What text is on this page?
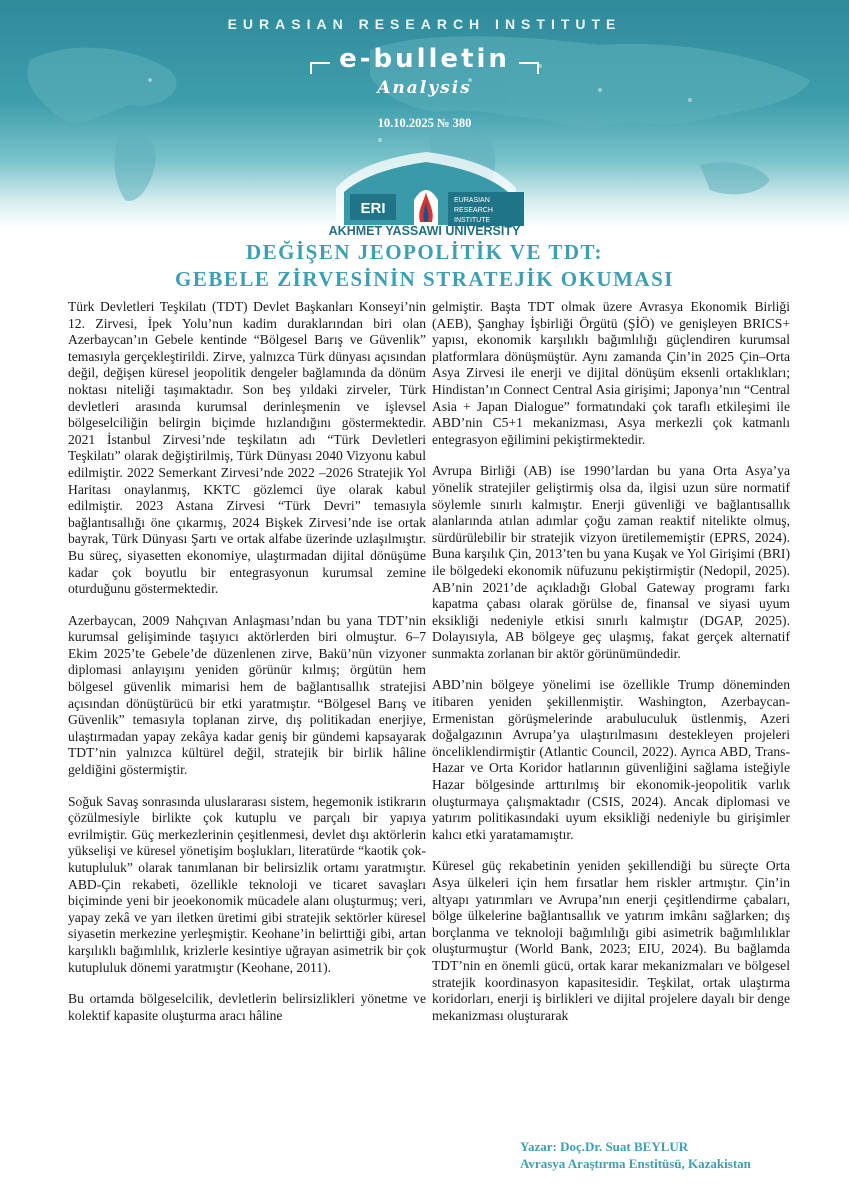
EURASIAN RESEARCH INSTITUTE
e-bulletin
Analysis
10.10.2025 № 380
ERI	EURASIAN
RESEARCH
INSTITUTE
AKHMET YASSAWI UNIVERSITY
DEĞİŞEN JEOPOLİTİK VE TDT:
GEBELE ZİRVESİNİN STRATEJİK OKUMASI

Türk Devletleri Teşkilatı (TDT) Devlet Başkanları Konseyi’nin 12. Zirvesi, İpek Yolu’nun kadim duraklarından biri olan Azerbaycan’ın Gebele kentinde “Bölgesel Barış ve Güvenlik” temasıyla gerçekleştirildi. Zirve, yalnızca Türk dünyası açısından değil, değişen küresel jeopolitik dengeler bağlamında da dönüm noktası niteliği taşımaktadır. Son beş yıldaki zirveler, Türk devletleri arasında kurumsal derinleşmenin ve işlevsel bölgeselciliğin belirgin biçimde hızlandığını göstermektedir. 2021 İstanbul Zirvesi’nde teşkilatın adı “Türk Devletleri Teşkilatı” olarak değiştirilmiş, Türk Dünyası 2040 Vizyonu kabul edilmiştir. 2022 Semerkant Zirvesi’nde 2022 –2026 Stratejik Yol Haritası onaylanmış, KKTC gözlemci üye olarak kabul edilmiştir. 2023 Astana Zirvesi “Türk Devri” temasıyla bağlantısallığı öne çıkarmış, 2024 Bişkek Zirvesi’nde ise ortak bayrak, Türk Dünyası Şartı ve ortak alfabe üzerinde uzlaşılmıştır. Bu süreç, siyasetten ekonomiye, ulaştırmadan dijital dönüşüme kadar çok boyutlu bir entegrasyonun kurumsal zemine oturduğunu göstermektedir.

Azerbaycan, 2009 Nahçıvan Anlaşması’ndan bu yana TDT’nin kurumsal gelişiminde taşıyıcı aktörlerden biri olmuştur. 6–7 Ekim 2025’te Gebele’de düzenlenen zirve, Bakü’nün vizyoner diplomasi anlayışını yeniden görünür kılmış; örgütün hem bölgesel güvenlik mimarisi hem de bağlantısallık stratejisi açısından dönüştürücü bir etki yaratmıştır. “Bölgesel Barış ve Güvenlik” temasıyla toplanan zirve, dış politikadan enerjiye, ulaştırmadan yapay zekâya kadar geniş bir gündemi kapsayarak TDT’nin yalnızca kültürel değil, stratejik bir birlik hâline geldiğini göstermiştir.

Soğuk Savaş sonrasında uluslararası sistem, hegemonik istikrarın çözülmesiyle birlikte çok kutuplu ve parçalı bir yapıya evrilmiştir. Güç merkezlerinin çeşitlenmesi, devlet dışı aktörlerin yükselişi ve küresel yönetişim boşlukları, literatürde “kaotik çok-kutupluluk” olarak tanımlanan bir belirsizlik ortamı yaratmıştır. ABD-Çin rekabeti, özellikle teknoloji ve ticaret savaşları biçiminde yeni bir jeoekonomik mücadele alanı oluşturmuş; veri, yapay zekâ ve yarı iletken üretimi gibi stratejik sektörler küresel siyasetin merkezine yerleşmiştir. Keohane’in belirttiği gibi, artan karşılıklı bağımlılık, krizlerle kesintiye uğrayan asimetrik bir çok kutupluluk dönemi yaratmıştır (Keohane, 2011).

Bu ortamda bölgeselcilik, devletlerin belirsizlikleri yönetme ve kolektif kapasite oluşturma aracı hâline

gelmiştir. Başta TDT olmak üzere Avrasya Ekonomik Birliği (AEB), Şanghay İşbirliği Örgütü (ŞİÖ) ve genişleyen BRICS+ yapısı, ekonomik karşılıklı bağımlılığı güçlendiren kurumsal platformlara dönüşmüştür. Aynı zamanda Çin’in 2025 Çin–Orta Asya Zirvesi ile enerji ve dijital dönüşüm eksenli ortaklıkları; Hindistan’ın Connect Central Asia girişimi; Japonya’nın “Central Asia + Japan Dialogue” formatındaki çok taraflı etkileşimi ile ABD’nin C5+1 mekanizması, Asya merkezli çok katmanlı entegrasyon eğilimini pekiştirmektedir.

Avrupa Birliği (AB) ise 1990’lardan bu yana Orta Asya’ya yönelik stratejiler geliştirmiş olsa da, ilgisi uzun süre normatif söylemle sınırlı kalmıştır. Enerji güvenliği ve bağlantısallık alanlarında atılan adımlar çoğu zaman reaktif nitelikte olmuş, sürdürülebilir bir stratejik vizyon üretilememiştir (EPRS, 2024). Buna karşılık Çin, 2013’ten bu yana Kuşak ve Yol Girişimi (BRI) ile bölgedeki ekonomik nüfuzunu pekiştirmiştir (Nedopil, 2025). AB’nin 2021’de açıkladığı Global Gateway programı farkı kapatma çabası olarak görülse de, finansal ve siyasi uyum eksikliği nedeniyle etkisi sınırlı kalmıştır (DGAP, 2025). Dolayısıyla, AB bölgeye geç ulaşmış, fakat gerçek alternatif sunmakta zorlanan bir aktör görünümündedir.

ABD’nin bölgeye yönelimi ise özellikle Trump döneminden itibaren yeniden şekillenmiştir. Washington, Azerbaycan-Ermenistan görüşmelerinde arabuluculuk üstlenmiş, Azeri doğalgazının Avrupa’ya ulaştırılmasını destekleyen projeleri önceliklendirmiştir (Atlantic Council, 2022). Ayrıca ABD, Trans-Hazar ve Orta Koridor hatlarının güvenliğini sağlama isteğiyle Hazar bölgesinde arttırılmış bir ekonomik-jeopolitik varlık oluşturmaya çalışmaktadır (CSIS, 2024). Ancak diplomasi ve yatırım politikasındaki uyum eksikliği nedeniyle bu girişimler kalıcı etki yaratamamıştır.

Küresel güç rekabetinin yeniden şekillendiği bu süreçte Orta Asya ülkeleri için hem fırsatlar hem riskler artmıştır. Çin’in altyapı yatırımları ve Avrupa’nın enerji çeşitlendirme çabaları, bölge ülkelerine bağlantısallık ve yatırım imkânı sağlarken; dış borçlanma ve teknoloji bağımlılığı gibi asimetrik bağımlılıklar oluşturmuştur (World Bank, 2023; EIU, 2024). Bu bağlamda TDT’nin en önemli gücü, ortak karar mekanizmaları ve bölgesel stratejik koordinasyon kapasitesidir. Teşkilat, ortak ulaştırma koridorları, enerji iş birlikleri ve dijital projelere dayalı bir denge mekanizması oluşturarak

Yazar: Doç.Dr. Suat BEYLUR
Avrasya Araştırma Enstitüsü, Kazakistan
